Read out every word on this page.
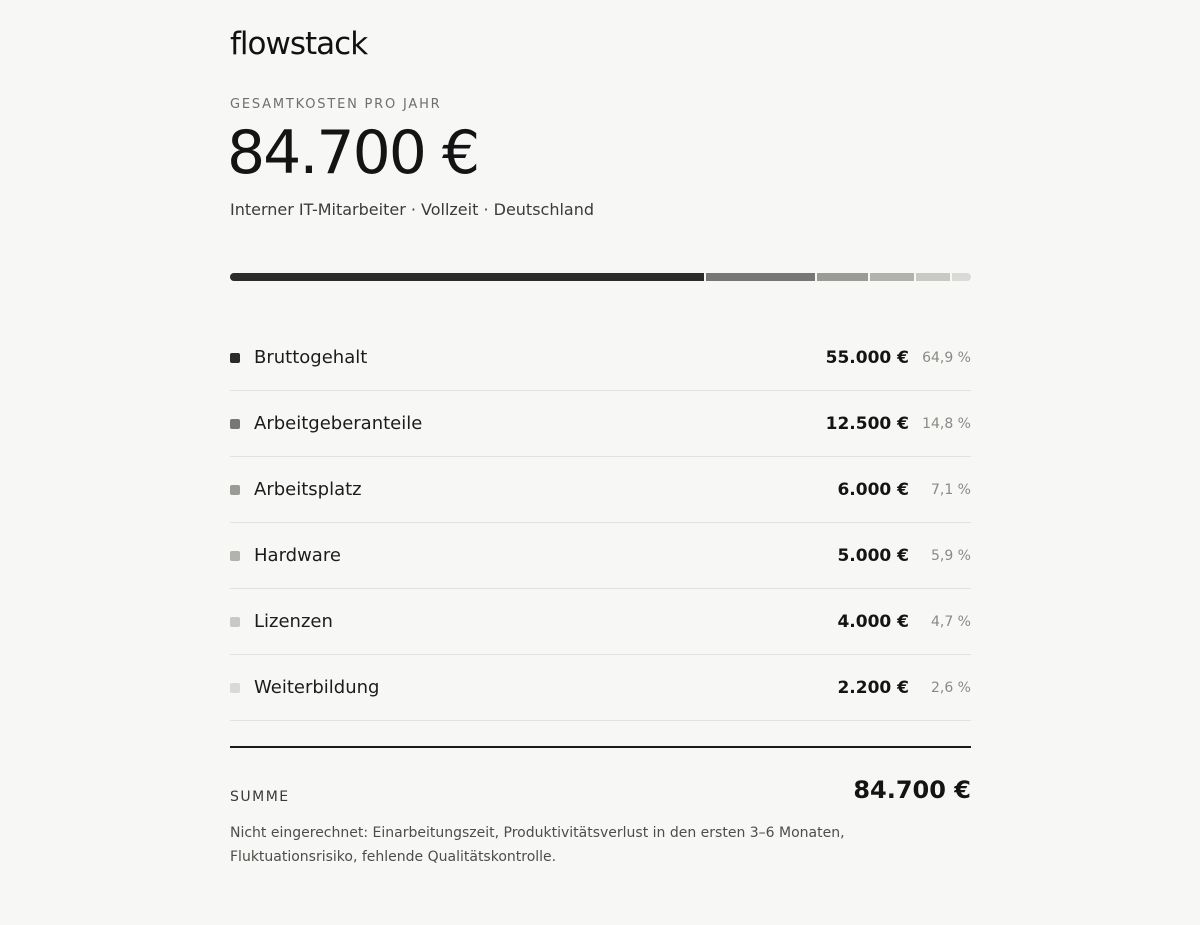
flowstack
GESAMTKOSTEN PRO JAHR
84.700 €
Interner IT-Mitarbeiter · Vollzeit · Deutschland
Bruttogehalt	55.000 € 64,9 %
Arbeitgeberanteile	12.500 € 14,8 %
Arbeitsplatz	6.000 €	7,1 %
Hardware	5.000 €	5,9 %
Lizenzen	4.000 €	4,7 %
Weiterbildung	2.200 €	2,6 %
SUMME	84.700 €
Nicht eingerechnet: Einarbeitungszeit, Produktivitätsverlust in den ersten 3–6 Monaten, Fluktuationsrisiko, fehlende Qualitätskontrolle.
